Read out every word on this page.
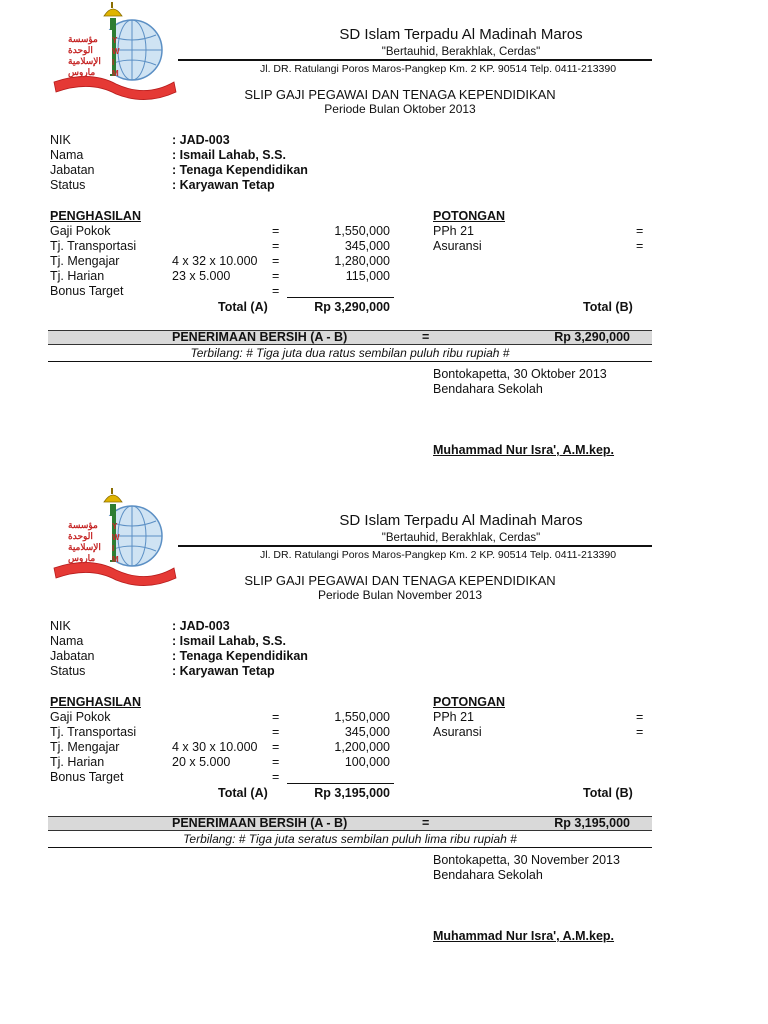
مؤسسة
الوحدة
الإسلامية
ماروس
Y
W
I
M
SD Islam Terpadu Al Madinah Maros
"Bertauhid, Berakhlak, Cerdas"
Jl. DR. Ratulangi Poros Maros-Pangkep Km. 2 KP. 90514 Telp. 0411-213390
SLIP GAJI PEGAWAI DAN TENAGA KEPENDIDIKAN
Periode Bulan Oktober 2013
NIK	: JAD-003
Nama	: Ismail Lahab, S.S.
Jabatan	: Tenaga Kependidikan
Status	: Karyawan Tetap
PENGHASILAN
Gaji Pokok	=	1,550,000
Tj. Transportasi	=	345,000
Tj. Mengajar	4 x 32 x 10.000 =	1,280,000
Tj. Harian	23 x 5.000	=	115,000
Bonus Target	=
Total (A)	Rp 3,290,000
POTONGAN
PPh 21	=
Asuransi	=
Total (B)
PENERIMAAN BERSIH (A - B)	=	Rp 3,290,000
Terbilang: # Tiga juta dua ratus sembilan puluh ribu rupiah #
Bontokapetta, 30 Oktober 2013
Bendahara Sekolah
Muhammad Nur Isra', A.M.kep.
مؤسسة
الوحدة
الإسلامية
ماروس
Y
W
I
M
SD Islam Terpadu Al Madinah Maros
"Bertauhid, Berakhlak, Cerdas"
Jl. DR. Ratulangi Poros Maros-Pangkep Km. 2 KP. 90514 Telp. 0411-213390
SLIP GAJI PEGAWAI DAN TENAGA KEPENDIDIKAN
Periode Bulan November 2013
NIK	: JAD-003
Nama	: Ismail Lahab, S.S.
Jabatan	: Tenaga Kependidikan
Status	: Karyawan Tetap
PENGHASILAN
Gaji Pokok	=	1,550,000
Tj. Transportasi	=	345,000
Tj. Mengajar	4 x 30 x 10.000 =	1,200,000
Tj. Harian	20 x 5.000	=	100,000
Bonus Target	=
Total (A)	Rp 3,195,000
POTONGAN
PPh 21	=
Asuransi	=
Total (B)
PENERIMAAN BERSIH (A - B)	=	Rp 3,195,000
Terbilang: # Tiga juta seratus sembilan puluh lima ribu rupiah #
Bontokapetta, 30 November 2013
Bendahara Sekolah
Muhammad Nur Isra', A.M.kep.
